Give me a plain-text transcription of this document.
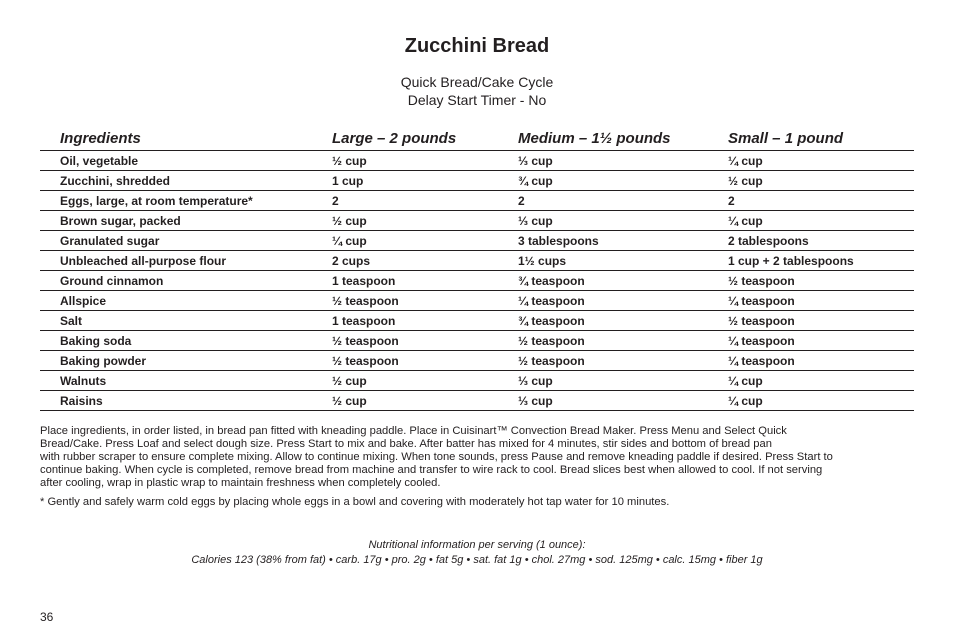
Zucchini Bread
Quick Bread/Cake Cycle
Delay Start Timer - No
Ingredients	Large – 2 pounds	Medium – 1½ pounds	Small – 1 pound
Oil, vegetable	½ cup	⅓ cup	¼ cup
Zucchini, shredded	1 cup	¾ cup	½ cup
Eggs, large, at room temperature*	2	2	2
Brown sugar, packed	½ cup	⅓ cup	¼ cup
Granulated sugar	¼ cup	3 tablespoons	2 tablespoons
Unbleached all-purpose flour	2 cups	1½ cups	1 cup + 2 tablespoons
Ground cinnamon	1 teaspoon	¾ teaspoon	½ teaspoon
Allspice	½ teaspoon	¼ teaspoon	¼ teaspoon
Salt	1 teaspoon	¾ teaspoon	½ teaspoon
Baking soda	½ teaspoon	½ teaspoon	¼ teaspoon
Baking powder	½ teaspoon	½ teaspoon	¼ teaspoon
Walnuts	½ cup	⅓ cup	¼ cup
Raisins	½ cup	⅓ cup	¼ cup

Place ingredients, in order listed, in bread pan fitted with kneading paddle. Place in Cuisinart™ Convection Bread Maker. Press Menu and Select Quick
Bread/Cake. Press Loaf and select dough size. Press Start to mix and bake. After batter has mixed for 4 minutes, stir sides and bottom of bread pan
with rubber scraper to ensure complete mixing. Allow to continue mixing. When tone sounds, press Pause and remove kneading paddle if desired. Press Start to
continue baking. When cycle is completed, remove bread from machine and transfer to wire rack to cool. Bread slices best when allowed to cool. If not serving
after cooling, wrap in plastic wrap to maintain freshness when completely cooled.

* Gently and safely warm cold eggs by placing whole eggs in a bowl and covering with moderately hot tap water for 10 minutes.

Nutritional information per serving (1 ounce):
Calories 123 (38% from fat) • carb. 17g • pro. 2g • fat 5g • sat. fat 1g • chol. 27mg • sod. 125mg • calc. 15mg • fiber 1g
36
